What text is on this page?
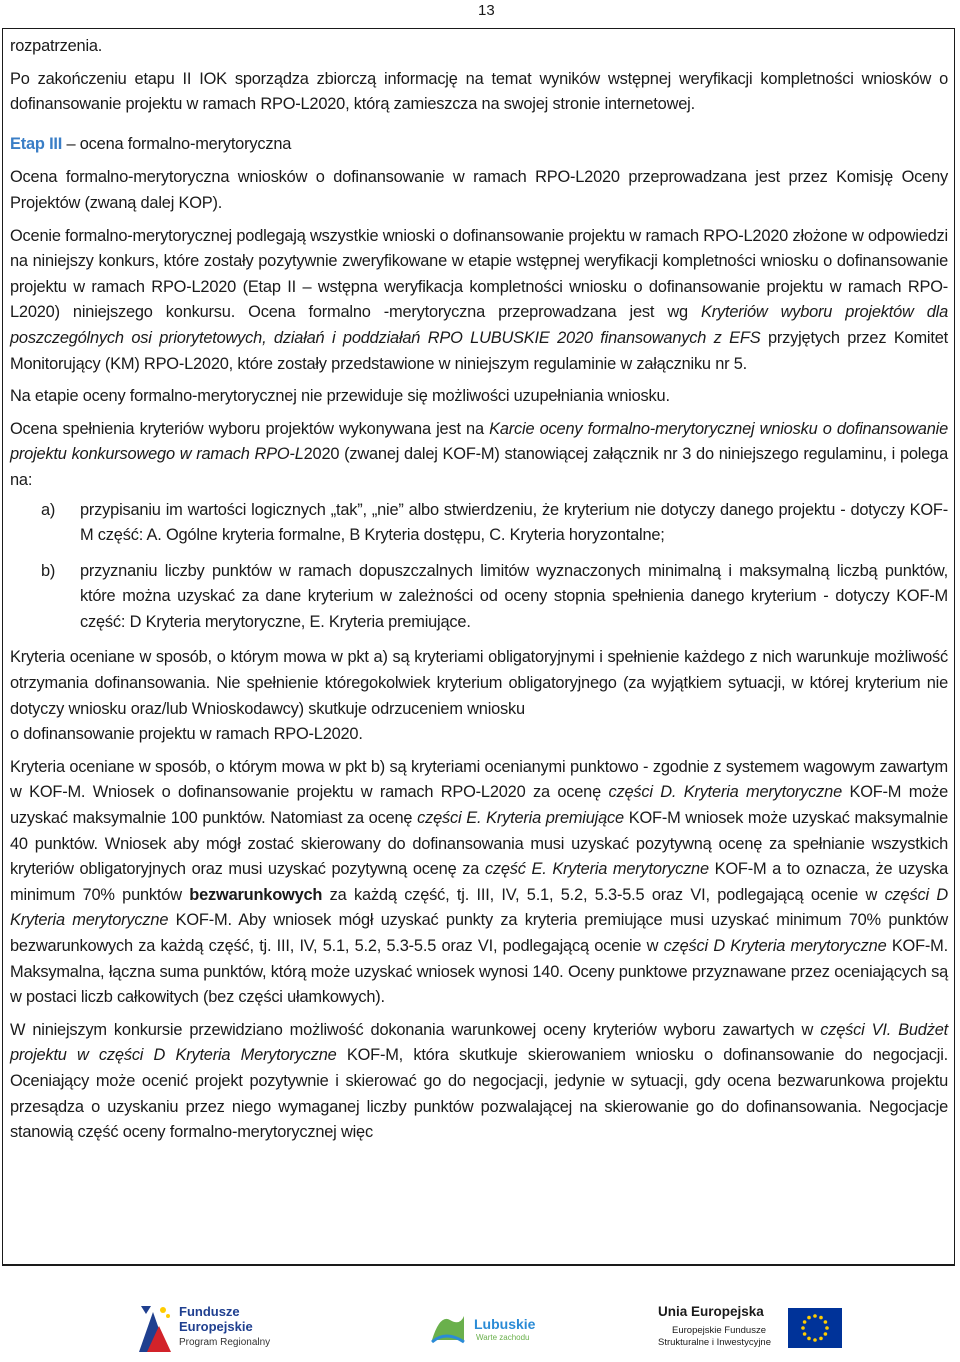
13

rozpatrzenia.

Po zakończeniu etapu II IOK sporządza zbiorczą informację na temat wyników wstępnej weryfikacji kompletności wniosków o dofinansowanie projektu w ramach RPO-L2020, którą zamieszcza na swojej stronie internetowej.

Etap III – ocena formalno-merytoryczna

Ocena formalno-merytoryczna wniosków o dofinansowanie w ramach RPO-L2020 przeprowadzana jest przez Komisję Oceny Projektów (zwaną dalej KOP).

Ocenie formalno-merytorycznej podlegają wszystkie wnioski o dofinansowanie projektu w ramach RPO-L2020 złożone w odpowiedzi na niniejszy konkurs, które zostały pozytywnie zweryfikowane w etapie wstępnej weryfikacji kompletności wniosku o dofinansowanie projektu w ramach RPO-L2020 (Etap II – wstępna weryfikacja kompletności wniosku o dofinansowanie projektu w ramach RPO-L2020) niniejszego konkursu. Ocena formalno -merytoryczna przeprowadzana jest wg Kryteriów wyboru projektów dla poszczególnych osi priorytetowych, działań i poddziałań RPO LUBUSKIE 2020 finansowanych z EFS przyjętych przez Komitet Monitorujący (KM) RPO-L2020, które zostały przedstawione w niniejszym regulaminie w załączniku nr 5.

Na etapie oceny formalno-merytorycznej nie przewiduje się możliwości uzupełniania wniosku.

Ocena spełnienia kryteriów wyboru projektów wykonywana jest na Karcie oceny formalno-merytorycznej wniosku o dofinansowanie projektu konkursowego w ramach RPO-L2020 (zwanej dalej KOF-M) stanowiącej załącznik nr 3 do niniejszego regulaminu, i polega na:

a) przypisaniu im wartości logicznych „tak”, „nie” albo stwierdzeniu, że kryterium nie dotyczy danego projektu - dotyczy KOF-M część: A. Ogólne kryteria formalne, B Kryteria dostępu, C. Kryteria horyzontalne;
b) przyznaniu liczby punktów w ramach dopuszczalnych limitów wyznaczonych minimalną i maksymalną liczbą punktów, które można uzyskać za dane kryterium w zależności od oceny stopnia spełnienia danego kryterium - dotyczy KOF-M część: D Kryteria merytoryczne, E. Kryteria premiujące.

Kryteria oceniane w sposób, o którym mowa w pkt a) są kryteriami obligatoryjnymi i spełnienie każdego z nich warunkuje możliwość otrzymania dofinansowania. Nie spełnienie któregokolwiek kryterium obligatoryjnego (za wyjątkiem sytuacji, w której kryterium nie dotyczy wniosku oraz/lub Wnioskodawcy) skutkuje odrzuceniem wniosku
o dofinansowanie projektu w ramach RPO-L2020.

Kryteria oceniane w sposób, o którym mowa w pkt b) są kryteriami ocenianymi punktowo - zgodnie z systemem wagowym zawartym w KOF-M. Wniosek o dofinansowanie projektu w ramach RPO-L2020 za ocenę części D. Kryteria merytoryczne KOF-M może uzyskać maksymalnie 100 punktów. Natomiast za ocenę części E. Kryteria premiujące KOF-M wniosek może uzyskać maksymalnie 40 punktów. Wniosek aby mógł zostać skierowany do dofinansowania musi uzyskać pozytywną ocenę za spełnianie wszystkich kryteriów obligatoryjnych oraz musi uzyskać pozytywną ocenę za część E. Kryteria merytoryczne KOF-M a to oznacza, że uzyska minimum 70% punktów bezwarunkowych za każdą część, tj. III, IV, 5.1, 5.2, 5.3-5.5 oraz VI, podlegającą ocenie w części D Kryteria merytoryczne KOF-M. Aby wniosek mógł uzyskać punkty za kryteria premiujące musi uzyskać minimum 70% punktów bezwarunkowych za każdą część, tj. III, IV, 5.1, 5.2, 5.3-5.5 oraz VI, podlegającą ocenie w części D Kryteria merytoryczne KOF-M. Maksymalna, łączna suma punktów, którą może uzyskać wniosek wynosi 140. Oceny punktowe przyznawane przez oceniających są w postaci liczb całkowitych (bez części ułamkowych).

W niniejszym konkursie przewidziano możliwość dokonania warunkowej oceny kryteriów wyboru zawartych w części VI. Budżet projektu w części D Kryteria Merytoryczne KOF-M, która skutkuje skierowaniem wniosku o dofinansowanie do negocjacji. Oceniający może ocenić projekt pozytywnie i skierować go do negocjacji, jedynie w sytuacji, gdy ocena bezwarunkowa projektu przesądza o uzyskaniu przez niego wymaganej liczby punktów pozwalającej na skierowanie go do dofinansowania. Negocjacje stanowią część oceny formalno-merytorycznej więc

Fundusze
Europejskie
Program Regionalny
Lubuskie
Warte zachodu
Unia Europejska
Europejskie Fundusze
Strukturalne i Inwestycyjne
